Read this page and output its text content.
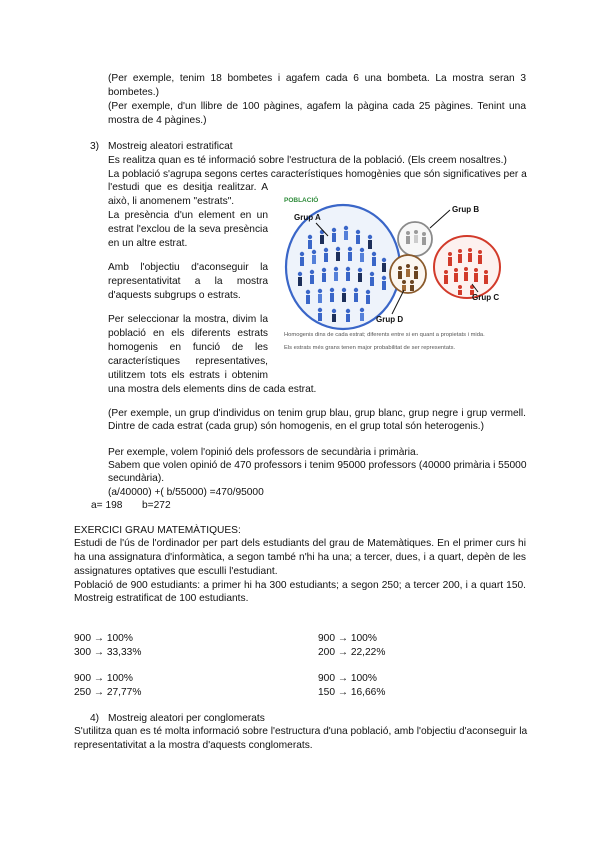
(Per exemple, tenim 18 bombetes i agafem cada 6 una bombeta. La mostra seran 3
bombetes.)
(Per exemple, d'un llibre de 100 pàgines, agafem la pàgina cada 25 pàgines. Tenint una
mostra de 4 pàgines.)
3) Mostreig aleatori estratificat
Es realitza quan es té informació sobre l'estructura de la població. (Els creem nosaltres.)
La població s'agrupa segons certes característiques homogènies que són significatives per a
l'estudi que es desitja realitzar. A
això, li anomenem "estrats".
La presència d'un element en un
estrat l'exclou de la seva presència
en un altre estrat.
Amb l'objectiu d'aconseguir la
representativitat a la mostra
d'aquests subgrups o estrats.
Per seleccionar la mostra, divim la
població en els diferents estrats
homogenis en funció de les
característiques representatives,
utilitzem tots els estrats i obtenim
una mostra dels elements dins de cada estrat.
POBLACIÓ
Grup A
Grup B
Grup C
Grup D
Homogenis dins de cada estrat; diferents entre si en quant a propietats i mida.
Els estrats més grans tenen major probabilitat de ser representats.
(Per exemple, un grup d'individus on tenim grup blau, grup blanc, grup negre i grup vermell.
Dintre de cada estrat (cada grup) són homogenis, en el grup total són heterogenis.)
Per exemple, volem l'opinió dels professors de secundària i primària.
Sabem que volen opinió de 470 professors i tenim 95000 professors (40000 primària i 55000
secundària).
(a/40000) +( b/55000) =470/95000
a= 198 b=272
EXERCICI GRAU MATEMÀTIQUES:
Estudi de l'ús de l'ordinador per part dels estudiants del grau de Matemàtiques. En el primer curs hi
ha una assignatura d'informàtica, a segon també n'hi ha una; a tercer, dues, i a quart, depèn de les
assignatures optatives que esculli l'estudiant.
Població de 900 estudiants: a primer hi ha 300 estudiants; a segon 250; a tercer 200, i a quart 150.
Mostreig estratificat de 100 estudiants.
900 → 100%
300 → 33,33%
900 → 100%
200 → 22,22%
900 → 100%
250 → 27,77%
900 → 100%
150 → 16,66%
4) Mostreig aleatori per conglomerats
S'utilitza quan es té molta informació sobre l'estructura d'una població, amb l'objectiu d'aconseguir la
representativitat a la mostra d'aquests conglomerats.
